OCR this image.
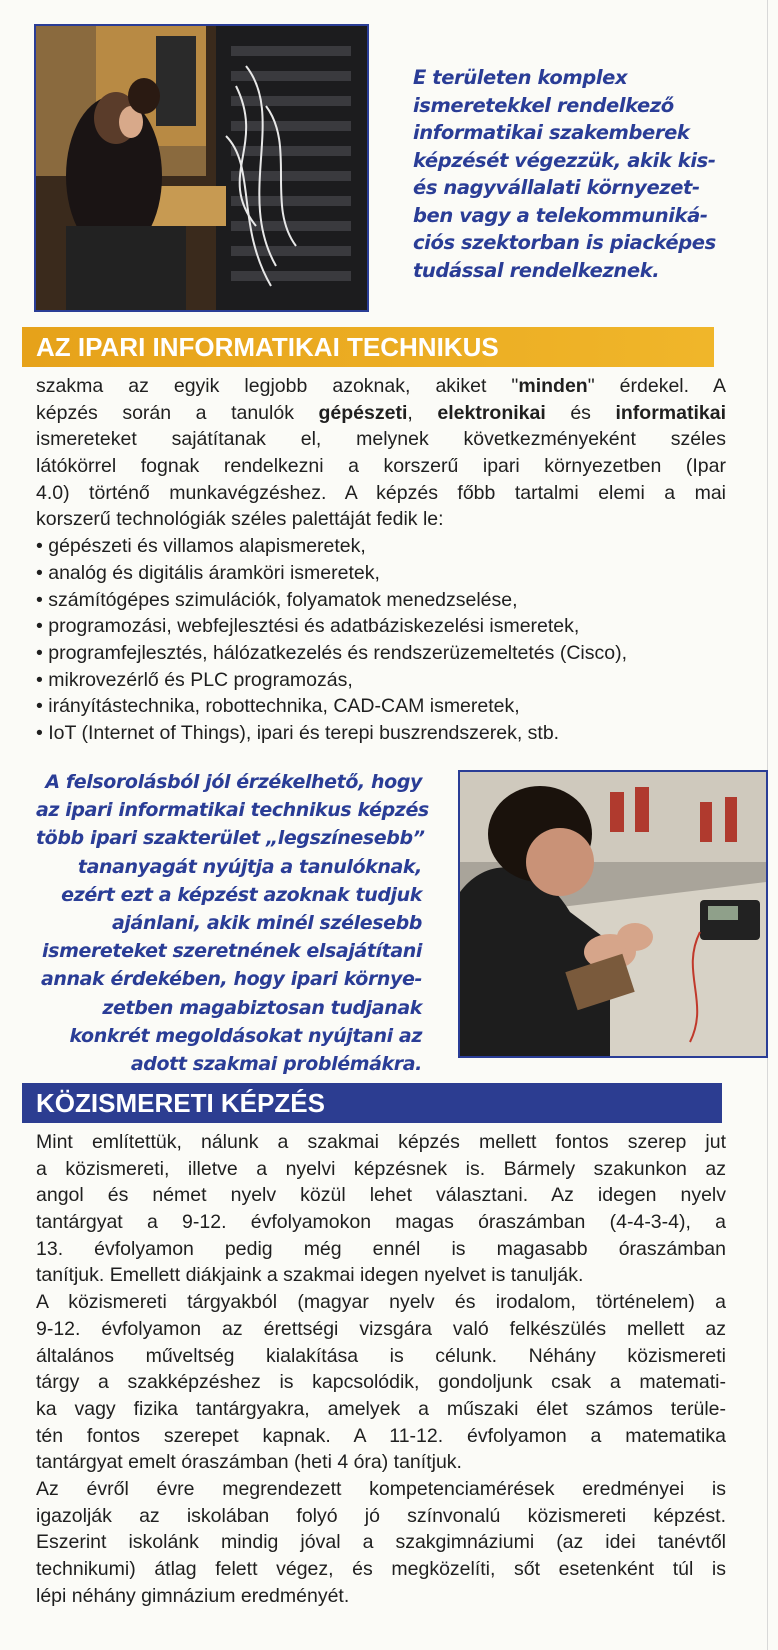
E területen komplex
ismeretekkel rendelkező
informatikai szakemberek
képzését végezzük, akik kis-
és nagyvállalati környezet-
ben vagy a telekommuniká-
ciós szektorban is piacképes
tudással rendelkeznek.
AZ IPARI INFORMATIKAI TECHNIKUS
szakma az egyik legjobb azoknak, akiket "minden" érdekel. A
képzés során a tanulók gépészeti, elektronikai és informatikai
ismereteket sajátítanak el, melynek következményeként széles
látókörrel fognak rendelkezni a korszerű ipari környezetben (Ipar
4.0) történő munkavégzéshez. A képzés főbb tartalmi elemi a mai
korszerű technológiák széles palettáját fedik le:
• gépészeti és villamos alapismeretek,
• analóg és digitális áramköri ismeretek,
• számítógépes szimulációk, folyamatok menedzselése,
• programozási, webfejlesztési és adatbáziskezelési ismeretek,
• programfejlesztés, hálózatkezelés és rendszerüzemeltetés (Cisco),
• mikrovezérlő és PLC programozás,
• irányítástechnika, robottechnika, CAD-CAM ismeretek,
• IoT (Internet of Things), ipari és terepi buszrendszerek, stb.
A felsorolásból jól érzékelhető, hogy
az ipari informatikai technikus képzés
több ipari szakterület „legszínesebb”
tananyagát nyújtja a tanulóknak,
ezért ezt a képzést azoknak tudjuk
ajánlani, akik minél szélesebb
ismereteket szeretnének elsajátítani
annak érdekében, hogy ipari környe-
zetben magabiztosan tudjanak
konkrét megoldásokat nyújtani az
adott szakmai problémákra.
KÖZISMERETI KÉPZÉS
Mint említettük, nálunk a szakmai képzés mellett fontos szerep jut
a közismereti, illetve a nyelvi képzésnek is. Bármely szakunkon az
angol és német nyelv közül lehet választani. Az idegen nyelv
tantárgyat a 9-12. évfolyamokon magas óraszámban (4-4-3-4), a
13. évfolyamon pedig még ennél is magasabb óraszámban
tanítjuk. Emellett diákjaink a szakmai idegen nyelvet is tanulják.
A közismereti tárgyakból (magyar nyelv és irodalom, történelem) a
9-12. évfolyamon az érettségi vizsgára való felkészülés mellett az
általános műveltség kialakítása is célunk. Néhány közismereti
tárgy a szakképzéshez is kapcsolódik, gondoljunk csak a matemati-
ka vagy fizika tantárgyakra, amelyek a műszaki élet számos terüle-
tén fontos szerepet kapnak. A 11-12. évfolyamon a matematika
tantárgyat emelt óraszámban (heti 4 óra) tanítjuk.
Az évről évre megrendezett kompetenciamérések eredményei is
igazolják az iskolában folyó jó színvonalú közismereti képzést.
Eszerint iskolánk mindig jóval a szakgimnáziumi (az idei tanévtől
technikumi) átlag felett végez, és megközelíti, sőt esetenként túl is
lépi néhány gimnázium eredményét.
